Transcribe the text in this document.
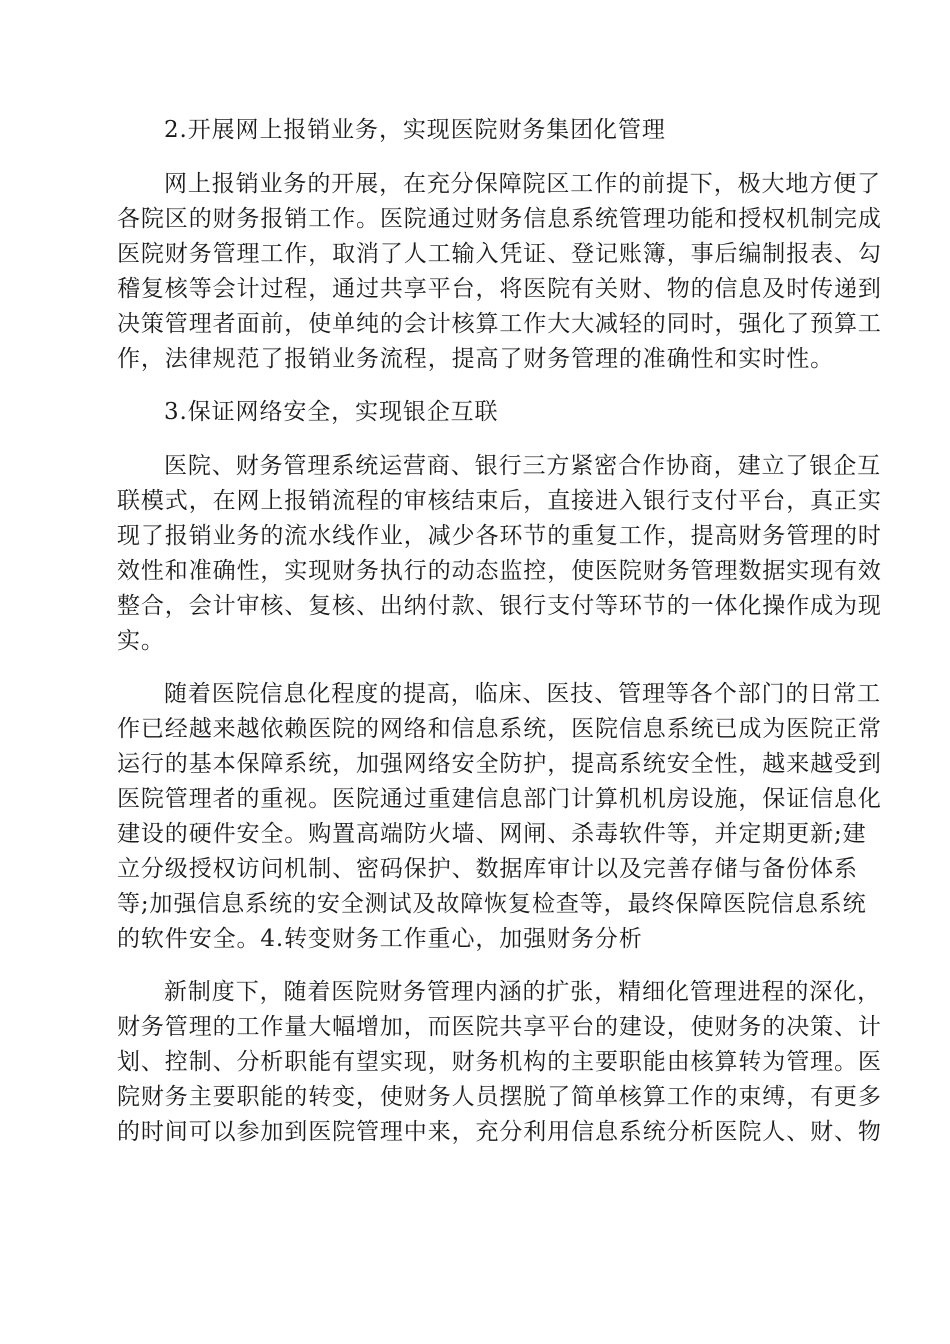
2.开展网上报销业务，实现医院财务集团化管理
网上报销业务的开展，在充分保障院区工作的前提下，极大地方便了
各院区的财务报销工作。医院通过财务信息系统管理功能和授权机制完成
医院财务管理工作，取消了人工输入凭证、登记账簿，事后编制报表、勾
稽复核等会计过程，通过共享平台，将医院有关财、物的信息及时传递到
决策管理者面前，使单纯的会计核算工作大大减轻的同时，强化了预算工
作，法律规范了报销业务流程，提高了财务管理的准确性和实时性。
3.保证网络安全，实现银企互联
医院、财务管理系统运营商、银行三方紧密合作协商，建立了银企互
联模式，在网上报销流程的审核结束后，直接进入银行支付平台，真正实
现了报销业务的流水线作业，减少各环节的重复工作，提高财务管理的时
效性和准确性，实现财务执行的动态监控，使医院财务管理数据实现有效
整合，会计审核、复核、出纳付款、银行支付等环节的一体化操作成为现
实。
随着医院信息化程度的提高，临床、医技、管理等各个部门的日常工
作已经越来越依赖医院的网络和信息系统，医院信息系统已成为医院正常
运行的基本保障系统，加强网络安全防护，提高系统安全性，越来越受到
医院管理者的重视。医院通过重建信息部门计算机机房设施，保证信息化
建设的硬件安全。购置高端防火墙、网闸、杀毒软件等，并定期更新;建
立分级授权访问机制、密码保护、数据库审计以及完善存储与备份体系
等;加强信息系统的安全测试及故障恢复检查等，最终保障医院信息系统
的软件安全。4.转变财务工作重心，加强财务分析
新制度下，随着医院财务管理内涵的扩张，精细化管理进程的深化，
财务管理的工作量大幅增加，而医院共享平台的建设，使财务的决策、计
划、控制、分析职能有望实现，财务机构的主要职能由核算转为管理。医
院财务主要职能的转变，使财务人员摆脱了简单核算工作的束缚，有更多
的时间可以参加到医院管理中来，充分利用信息系统分析医院人、财、物
